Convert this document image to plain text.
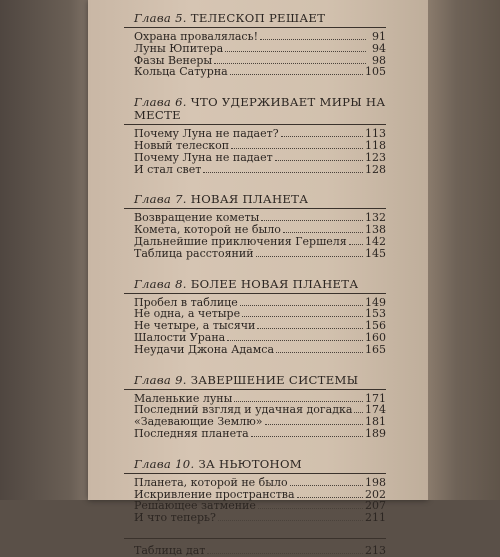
Глава 5. ТЕЛЕСКОП РЕШАЕТ
Охрана провалялась!	91
Луны Юпитера	94
Фазы Венеры	98
Кольца Сатурна	105
Глава 6. ЧТО УДЕРЖИВАЕТ МИРЫ НА
МЕСТЕ
Почему Луна не падает?	113
Новый телескоп	118
Почему Луна не падает	123
И стал свет	128
Глава 7. НОВАЯ ПЛАНЕТА
Возвращение кометы	132
Комета, которой не было	138
Дальнейшие приключения Гершеля 142
Таблица расстояний	145
Глава 8. БОЛЕЕ НОВАЯ ПЛАНЕТА
Пробел в таблице	149
Не одна, а четыре	153
Не четыре, а тысячи	156
Шалости Урана	160
Неудачи Джона Адамса	165
Глава 9. ЗАВЕРШЕНИЕ СИСТЕМЫ
Маленькие луны	171
Последний взгляд и удачная догадка 174
«Задевающие Землю»	181
Последняя планета	189
Глава 10. ЗА НЬЮТОНОМ
Планета, которой не было	198
Искривление пространства	202
Решающее затмение	207
И что теперь?	211
Таблица дат	213
